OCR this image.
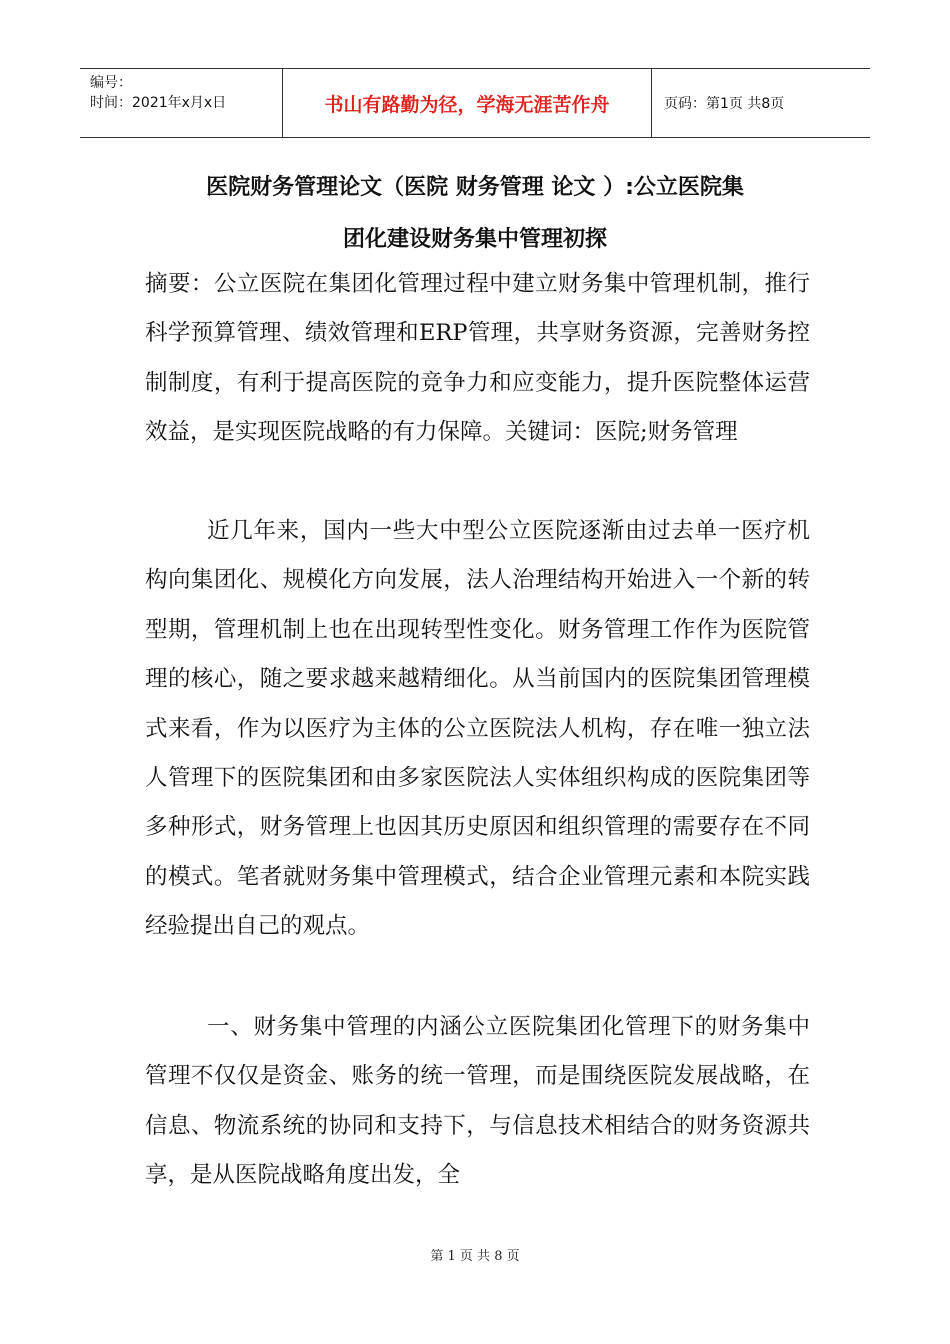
编号：
时间：2021年x月x日	书山有路勤为径，学海无涯苦作舟	页码：第1页 共8页
医院财务管理论文（医院 财务管理 论文 ）:公立医院集
团化建设财务集中管理初探

摘要：公立医院在集团化管理过程中建立财务集中管理机制，推行科学预算管理、绩效管理和ERP管理，共享财务资源，完善财务控制制度，有利于提高医院的竞争力和应变能力，提升医院整体运营效益，是实现医院战略的有力保障。关键词：医院;财务管理

近几年来，国内一些大中型公立医院逐渐由过去单一医疗机构向集团化、规模化方向发展，法人治理结构开始进入一个新的转型期，管理机制上也在出现转型性变化。财务管理工作作为医院管理的核心，随之要求越来越精细化。从当前国内的医院集团管理模式来看，作为以医疗为主体的公立医院法人机构，存在唯一独立法人管理下的医院集团和由多家医院法人实体组织构成的医院集团等多种形式，财务管理上也因其历史原因和组织管理的需要存在不同的模式。笔者就财务集中管理模式，结合企业管理元素和本院实践经验提出自己的观点。

一、财务集中管理的内涵公立医院集团化管理下的财务集中管理不仅仅是资金、账务的统一管理，而是围绕医院发展战略，在信息、物流系统的协同和支持下，与信息技术相结合的财务资源共享，是从医院战略角度出发，全

第 1 页 共 8 页
